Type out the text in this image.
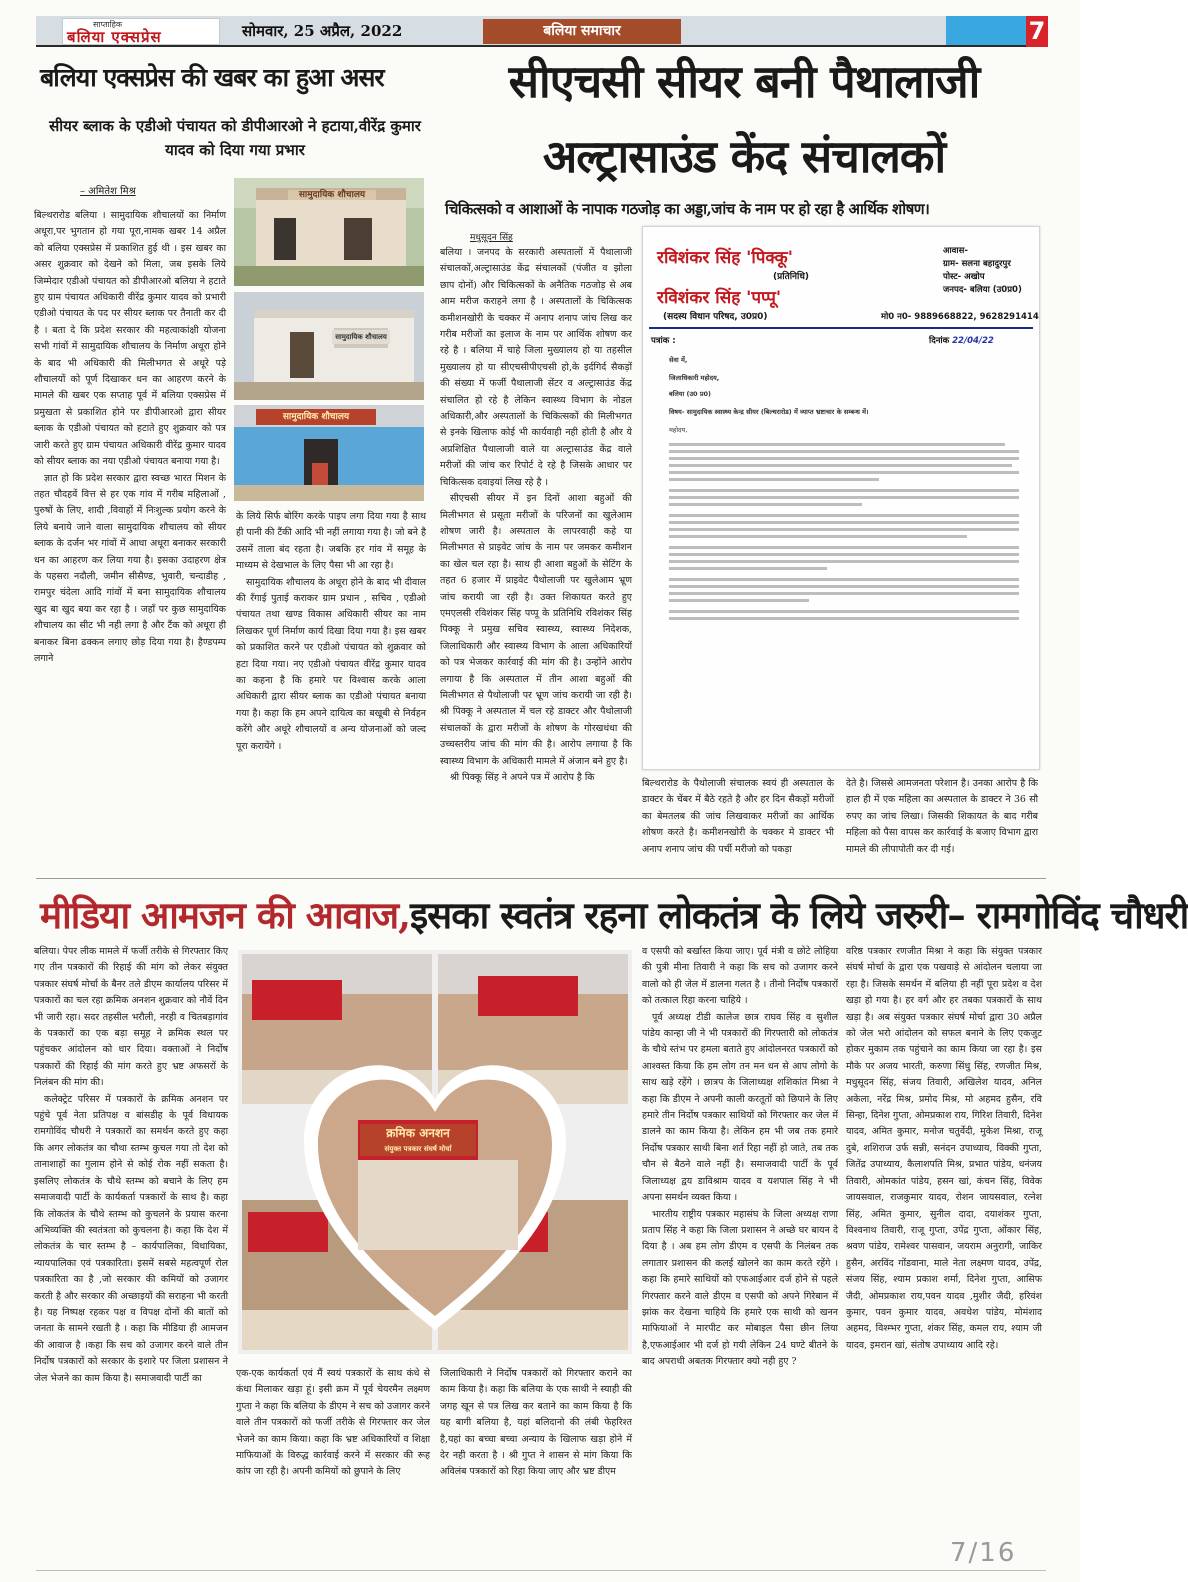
साप्ताहिक
बलिया एक्सप्रेस	सोमवार, 25 अप्रैल, 2022	बलिया समाचार	7
बलिया एक्सप्रेस की खबर का हुआ असर
सीयर ब्लाक के एडीओ पंचायत को डीपीआरओ ने हटाया,वीरेंद्र कुमार यादव को दिया गया प्रभार
– अमितेश मिश्र

बिल्थरारोड बलिया । सामुदायिक शौचालयों का निर्माण अधूरा,पर भुगतान हो गया पूरा,नामक खबर 14 अप्रैल को बलिया एक्सप्रेस में प्रकाशित हुई थी । इस खबर का असर शुक्रवार को देखने को मिला, जब इसके लिये जिम्मेदार एडीओ पंचायत को डीपीआरओ बलिया ने हटाते हुए ग्राम पंचायत अधिकारी वीरेंद्र कुमार यादव को प्रभारी एडीओ पंचायत के पद पर सीयर ब्लाक पर तैनाती कर दी है । बता दे कि प्रदेश सरकार की महत्वाकांक्षी योजना सभी गांवों में सामुदायिक शौचालय के निर्माण अधूरा होने के बाद भी अधिकारी की मिलीभगत से अधूरे पड़े शौचालयों को पूर्ण दिखाकर धन का आहरण करने के मामले की खबर एक सप्ताह पूर्व में बलिया एक्सप्रेस में प्रमुखता से प्रकाशित होने पर डीपीआरओ द्वारा सीयर ब्लाक के एडीओ पंचायत को हटाते हुए शुक्रवार को पत्र जारी करते हुए ग्राम पंचायत अधिकारी वीरेंद्र कुमार यादव को सीयर ब्लाक का नया एडीओ पंचायत बनाया गया है।

ज्ञात हो कि प्रदेश सरकार द्वारा स्वच्छ भारत मिशन के तहत चौदहवें वित्त से हर एक गांव में गरीब महिलाओं , पुरुषों के लिए, शादी ,विवाहों में निःशुल्क प्रयोग करने के लिये बनाये जाने वाला सामुदायिक शौचालय को सीयर ब्लाक के दर्जन भर गांवों में आधा अधूरा बनाकर सरकारी धन का आहरण कर लिया गया है। इसका उदाहरण क्षेत्र के पहसरा नदौली, जमीन सीसैण्ड, भुवारी, चन्दाडीह , रामपुर चंदेला आदि गांवों में बना सामुदायिक शौचालय खुद बा खुद बया कर रहा है । जहाँ पर कुछ सामुदायिक शौचालय का सीट भी नही लगा है और टैंक को अधूरा ही बनाकर बिना ढक्कन लगाए छोड़ दिया गया है। हैण्डपम्प लगाने

सामुदायिक शौचालय
सामुदायिक शौचालय
सामुदायिक शौचालय

के लिये सिर्फ बोरिंग करके पाइप लगा दिया गया है साथ ही पानी की टैंकी आदि भी नहीं लगाया गया है। जो बने है उसमें ताला बंद रहता है। जबकि हर गांव में समूह के माध्यम से देखभाल के लिए पैसा भी आ रहा है।

सामुदायिक शौचालय के अधूरा होने के बाद भी दीवाल की रँगाई पुताई कराकर ग्राम प्रधान , सचिव , एडीओ पंचायत तथा खण्ड विकास अधिकारी सीयर का नाम लिखकर पूर्ण निर्माण कार्य दिखा दिया गया है। इस खबर को प्रकाशित करने पर एडीओ पंचायत को शुक्रवार को हटा दिया गया। नए एडीओ पंचायत वीरेंद्र कुमार यादव का कहना है कि हमारे पर विश्वास करके आला अधिकारी द्वारा सीयर ब्लाक का एडीओ पंचायत बनाया गया है। कहा कि हम अपने दायित्व का बखूबी से निर्वहन करेंगे और अधूरे शौचालयों व अन्य योजनाओं को जल्द पूरा करायेंगे ।

सीएचसी सीयर बनी पैथालाजी
अल्ट्रासाउंड केंद संचालकों
चिकित्सको व आशाओं के नापाक गठजोड़ का अड्डा,जांच के नाम पर हो रहा है आर्थिक शोषण।
मधुसूदन सिंह

बलिया । जनपद के सरकारी अस्पतालों में पैथालाजी संचालकों,अल्ट्रासाउंड केंद्र संचालकों (पंजीत व झोला छाप दोनों) और चिकित्सकों के अनैतिक गठजोड़ से अब आम मरीज कराहने लगा है । अस्पतालों के चिकित्सक कमीशनखोरी के चक्कर में अनाप शनाप जांच लिख कर गरीब मरीजों का इलाज के नाम पर आर्थिक शोषण कर रहे है । बलिया में चाहे जिला मुख्यालय हो या तहसील मुख्यालय हो या सीएचसीपीएचसी हो,के इर्दगिर्द सैकड़ों की संख्या में फर्जी पैथालाजी सेंटर व अल्ट्रासाउंड केंद्र संचालित हो रहे है लेकिन स्वास्थ्य विभाग के नोडल अधिकारी,और अस्पतालों के चिकित्सकों की मिलीभगत से इनके खिलाफ कोई भी कार्यवाही नही होती है और ये अप्रशिक्षित पैथालाजी वाले या अल्ट्रासाउंड केंद्र वाले मरीजों की जांच कर रिपोर्ट दे रहे है जिसके आधार पर चिकित्सक दवाइयां लिख रहे है ।

सीएचसी सीयर में इन दिनों आशा बहुओं की मिलीभगत से प्रसूता मरीजों के परिजनों का खुलेआम शोषण जारी है। अस्पताल के लापरवाही कहे या मिलीभगत से प्राइवेट जांच के नाम पर जमकर कमीशन का खेल चल रहा है। साथ ही आशा बहुओं के सेटिंग के तहत 6 हजार में प्राइवेट पैथोलाजी पर खुलेआम भ्रूण जांच करायी जा रही है। उक्त शिकायत करते हुए एमएलसी रविशंकर सिंह पप्पू के प्रतिनिधि रविशंकर सिंह पिक्कू ने प्रमुख सचिव स्वास्थ्य, स्वास्थ्य निदेशक, जिलाधिकारी और स्वास्थ्य विभाग के आला अधिकारियों को पत्र भेजकर कार्रवाई की मांग की है। उन्होंने आरोप लगाया है कि अस्पताल में तीन आशा बहुओं की मिलीभगत से पैथोलाजी पर भ्रूण जांच करायी जा रही है। श्री पिक्कू ने अस्पताल में चल रहे डाक्टर और पैथोलाजी संचालकों के द्वारा मरीजों के शोषण के गोरखधंधा की उच्चस्तरीय जांच की मांग की है। आरोप लगाया है कि स्वास्थ्य विभाग के अधिकारी मामले में अंजान बने हुए है।

श्री पिक्कू सिंह ने अपने पत्र में आरोप है कि

रविशंकर सिंह 'पिक्कू'
(प्रतिनिधि)
रविशंकर सिंह 'पप्पू'
(सदस्य विधान परिषद, उ0प्र0)
आवास-
ग्राम- सलना बहादुरपुर
पोस्ट- अखोप
जनपद- बलिया (उ0प्र0)
मो0 न0- 9889668822, 9628291414
पत्रांक :	दिनांक 22/04/22
सेवा में,
जिलाधिकारी महोदय,
बलिया (उ0 प्र0)
विषय- सामुदायिक स्वास्थ्य केन्द्र सीयर (बिल्थरारोड) में व्याप्त भ्रष्टाचार के सम्बन्ध में।
महोदय,

बिल्थरारोड के पैथोलाजी संचालक स्वयं ही अस्पताल के डाक्टर के चेंबर में बैठे रहते है और हर दिन सैकड़ों मरीजों का बेमतलब की जांच लिखवाकर मरीजों का आर्थिक शोषण करते है। कमीशनखोरी के चक्कर मे डाक्टर भी अनाप शनाप जांच की पर्ची मरीजो को पकड़ा

देते है। जिससे आमजनता परेशान है। उनका आरोप है कि हाल ही में एक महिला का अस्पताल के डाक्टर ने 36 सौ रुपए का जांच लिखा। जिसकी शिकायत के बाद गरीब महिला को पैसा वापस कर कार्रवाई के बजाए विभाग द्वारा मामले की लीपापोती कर दी गई।

मीडिया आमजन की आवाज,इसका स्वतंत्र रहना लोकतंत्र के लिये जरुरी– रामगोविंद चौधरी

बलिया। पेपर लीक मामले में फर्जी तरीके से गिरफ्तार किए गए तीन पत्रकारों की रिहाई की मांग को लेकर संयुक्त पत्रकार संघर्ष मोर्चा के बैनर तले डीएम कार्यालय परिसर में पत्रकारों का चल रहा क्रमिक अनशन शुक्रवार को नौवें दिन भी जारी रहा। सदर तहसील भरौली, नरही व चितबड़ागांव के पत्रकारों का एक बड़ा समूह ने क्रमिक स्थल पर पहुंचकर आंदोलन को धार दिया। वक्ताओं ने निर्दोष पत्रकारों की रिहाई की मांग करते हुए भ्रष्ट अफसरों के निलंबन की मांग की।

कलेक्ट्रेट परिसर में पत्रकारों के क्रमिक अनशन पर पहुंचे पूर्व नेता प्रतिपक्ष व बांसडीह के पूर्व विधायक रामगोविंद चौधरी ने पत्रकारों का समर्थन करते हुए कहा कि अगर लोकतंत्र का चौथा स्तम्भ कुचल गया तो देश को तानाशाहों का गुलाम होने से कोई रोक नहीं सकता है। इसलिए लोकतंत्र के चौथे स्तम्भ को बचाने के लिए हम समाजवादी पार्टी के कार्यकर्ता पत्रकारों के साथ है। कहा कि लोकतंत्र के चौथे स्तम्भ को कुचलने के प्रयास करना अभिव्यक्ति की स्वतंत्रता को कुचलना है। कहा कि देश में लोकतंत्र के चार स्तम्भ है – कार्यपालिका, विधायिका, न्यायपालिका एवं पत्रकारिता। इसमें सबसे महत्वपूर्ण रोल पत्रकारिता का है ,जो सरकार की कमियों को उजागर करती है और सरकार की अच्छाइयों की सराहना भी करती है। यह निष्पक्ष रहकर पक्ष व विपक्ष दोनों की बातों को जनता के सामने रखती है । कहा कि मीडिया ही आमजन की आवाज है ।कहा कि सच को उजागर करने वाले तीन निर्दोष पत्रकारों को सरकार के इशारे पर जिला प्रशासन ने जेल भेजने का काम किया है। समाजवादी पार्टी का

क्रमिक अनशन
संयुक्त पत्रकार संघर्ष मोर्चा

एक-एक कार्यकर्ता एवं मैं स्वयं पत्रकारों के साथ कंधे से कंधा मिलाकर खड़ा हूं। इसी क्रम में पूर्व चेयरमैन लक्ष्मण गुप्ता ने कहा कि बलिया के डीएम ने सच को उजागर करने वाले तीन पत्रकारों को फर्जी तरीके से गिरफ्तार कर जेल भेजने का काम किया। कहा कि भ्रष्ट अधिकारियों व शिक्षा माफियाओं के विरुद्ध कार्रवाई करने में सरकार की रूह कांप जा रही है। अपनी कमियों को छुपाने के लिए

जिलाधिकारी ने निर्दोष पत्रकारों को गिरफ्तार कराने का काम किया है। कहा कि बलिया के एक साथी ने स्याही की जगह खून से पत्र लिख कर बताने का काम किया है कि यह बागी बलिया है, यहां बलिदानो की लंबी फेहरिश्त है,यहां का बच्चा बच्चा अन्याय के खिलाफ खड़ा होने में देर नही करता है । श्री गुप्त ने शासन से मांग किया कि अविलंब पत्रकारों को रिहा किया जाए और भ्रष्ट डीएम

व एसपी को बर्खास्त किया जाए। पूर्व मंत्री व छोटे लोहिया की पुत्री मीना तिवारी ने कहा कि सच को उजागर करने वालो को ही जेल में डालना गलत है । तीनो निर्दोष पत्रकारों को तत्काल रिहा करना चाहिये ।

पूर्व अध्यक्ष टीडी कालेज छात्र राघव सिंह व सुशील पांडेय कान्हा जी ने भी पत्रकारों की गिरफ्तारी को लोकतंत्र के चौथे स्तंभ पर हमला बताते हुए आंदोलनरत पत्रकारों को आश्वस्त किया कि हम लोग तन मन धन से आप लोगो के साथ खड़े रहेंगे । छात्रप के जिलाध्यक्ष शशिकांत मिश्रा ने कहा कि डीएम ने अपनी काली करतूतों को छिपाने के लिए हमारे तीन निर्दोष पत्रकार साथियों को गिरफ्तार कर जेल में डालने का काम किया है। लेकिन हम भी जब तक हमारे निर्दोष पत्रकार साथी बिना शर्त रिहा नहीं हो जाते, तब तक चौन से बैठने वाले नहीं है। समाजवादी पार्टी के पूर्व जिलाध्यक्ष द्वय डाविश्राम यादव व यशपाल सिंह ने भी अपना समर्थन व्यक्त किया ।

भारतीय राष्ट्रीय पत्रकार महासंघ के जिला अध्यक्ष राणा प्रताप सिंह ने कहा कि जिला प्रशासन ने अच्छे घर बायन दे दिया है । अब हम लोग डीएम व एसपी के निलंबन तक लगातार प्रशासन की कलई खोलने का काम करते रहेंगे । कहा कि हमारे साथियों को एफआईआर दर्ज होने से पहले गिरफ्तार करने वाले डीएम व एसपी को अपने गिरेबान में झांक कर देखना चाहिये कि हमारे एक साथी को खनन माफियाओं ने मारपीट कर मोबाइल पैसा छीन लिया है,एफआईआर भी दर्ज हो गयी लेकिन 24 घण्टे बीतने के बाद अपराधी अबतक गिरफ्तार क्यो नही हुए ?

वरिष्ठ पत्रकार रणजीत मिश्रा ने कहा कि संयुक्त पत्रकार संघर्ष मोर्चा के द्वारा एक पखवाड़े से आंदोलन चलाया जा रहा है। जिसके समर्थन में बलिया ही नहीं पूरा प्रदेश व देश खड़ा हो गया है। हर वर्ग और हर तबका पत्रकारों के साथ खड़ा है। अब संयुक्त पत्रकार संघर्ष मोर्चा द्वारा 30 अप्रैल को जेल भरो आंदोलन को सफल बनाने के लिए एकजुट होकर मुकाम तक पहुंचाने का काम किया जा रहा है। इस मौके पर अजय भारती, करुणा सिंधु सिंह, रणजीत मिश्र, मधुसूदन सिंह, संजय तिवारी, अखिलेश यादव, अनिल अकेला, नरेंद्र मिश्र, प्रमोद मिश्र, मो अहमद हुसैन, रवि सिन्हा, दिनेश गुप्ता, ओमप्रकाश राय, गिरिश तिवारी, दिनेश यादव, अमित कुमार, मनोज चतुर्वेदी, मुकेश मिश्रा, राजू दुबे, शशिराज उर्फ सन्नी, सनंदन उपाध्याय, विक्की गुप्ता, जितेंद्र उपाध्याय, कैलाशपति मिश्र, प्रभात पांडेय, धनंजय तिवारी, ओमकांत पांडेय, हसन खां, कंचन सिंह, विवेक जायसवाल, राजकुमार यादव, रोशन जायसवाल, रत्नेश सिंह, अमित कुमार, सुनील दादा, दयाशंकर गुप्ता, विश्वनाथ तिवारी, राजू गुप्ता, उपेंद्र गुप्ता, ओंकार सिंह, श्रवण पांडेय, रामेश्वर पासवान, जयराम अनुरागी, जाकिर हुसैन, अरविंद गोंडवाना, माले नेता लक्ष्मण यादव, उपेंद्र, संजय सिंह, श्याम प्रकाश शर्मा, दिनेश गुप्ता, आसिफ जैदी, ओमप्रकाश राय,पवन यादव ,मुशीर जैदी, हरिवंश कुमार, पवन कुमार यादव, अवधेश पांडेय, मोमंशाद अहमद, विश्म्भर गुप्ता, शंकर सिंह, कमल राय, श्याम जी यादव, इमरान खां, संतोष उपाध्याय आदि रहे।

7/16
